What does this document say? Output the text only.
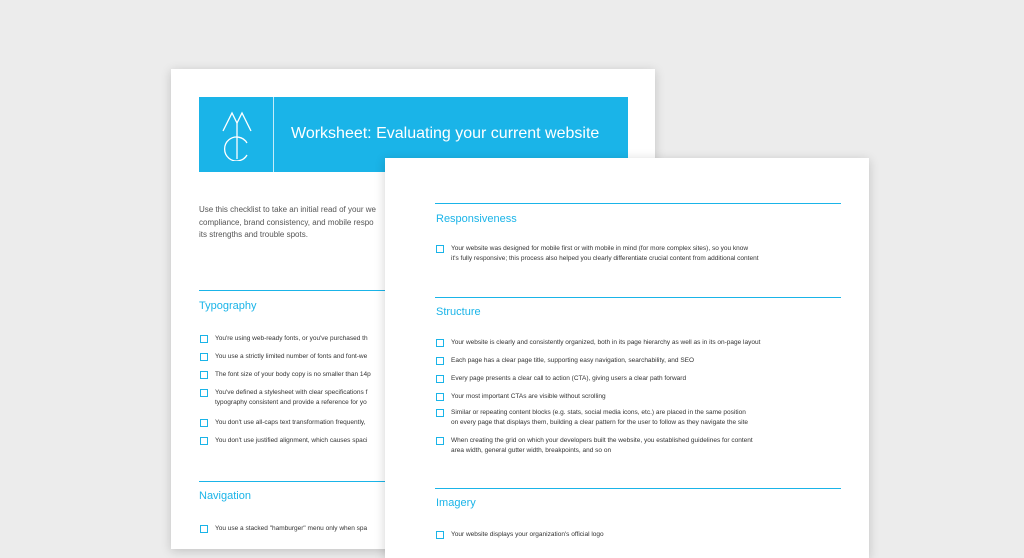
Worksheet: Evaluating your current website
Use this checklist to take an initial read of your we
compliance, brand consistency, and mobile respo
its strengths and trouble spots.
Typography
You're using web-ready fonts, or you've purchased th
You use a strictly limited number of fonts and font-we
The font size of your body copy is no smaller than 14p
You've defined a stylesheet with clear specifications f
typography consistent and provide a reference for yo
You don't use all-caps text transformation frequently,
You don't use justified alignment, which causes spaci
Navigation
You use a stacked "hamburger" menu only when spa
Responsiveness
Your website was designed for mobile first or with mobile in mind (for more complex sites), so you know
it's fully responsive; this process also helped you clearly differentiate crucial content from additional content
Structure
Your website is clearly and consistently organized, both in its page hierarchy as well as in its on-page layout
Each page has a clear page title, supporting easy navigation, searchability, and SEO
Every page presents a clear call to action (CTA), giving users a clear path forward
Your most important CTAs are visible without scrolling
Similar or repeating content blocks (e.g. stats, social media icons, etc.) are placed in the same position
on every page that displays them, building a clear pattern for the user to follow as they navigate the site
When creating the grid on which your developers built the website, you established guidelines for content
area width, general gutter width, breakpoints, and so on
Imagery
Your website displays your organization's official logo
